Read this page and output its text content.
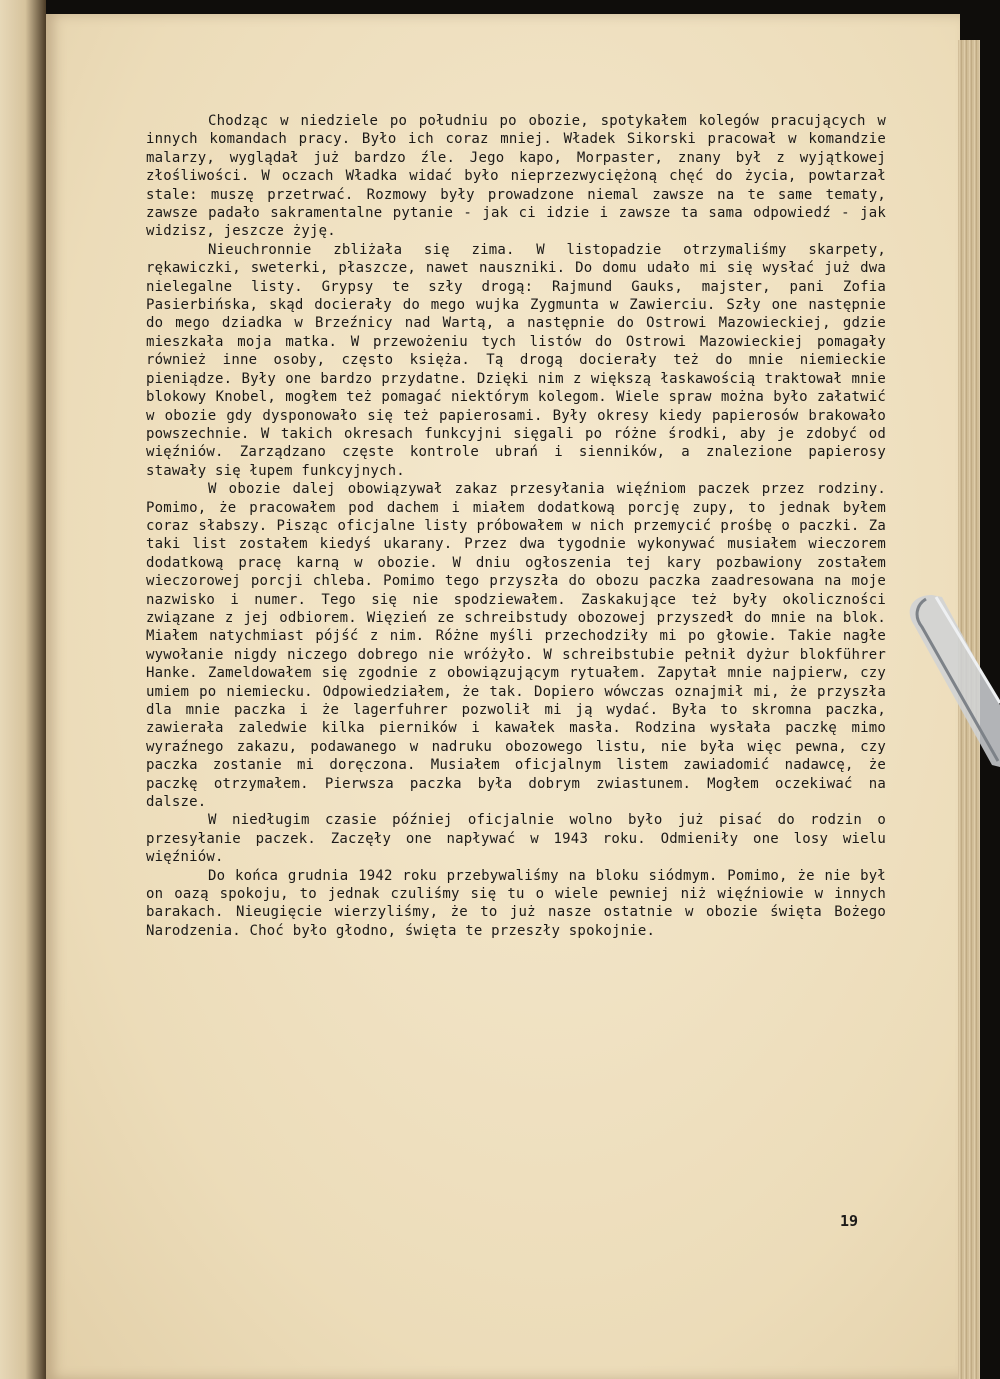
Chodząc w niedziele po południu po obozie, spotykałem kolegów pracujących w innych komandach pracy. Było ich coraz mniej. Władek Sikorski pracował w komandzie malarzy, wyglądał już bardzo źle. Jego kapo, Morpaster, znany był z wyjątkowej złośliwości. W oczach Władka widać było nieprzezwyciężoną chęć do życia, powtarzał stale: muszę przetrwać. Rozmowy były prowadzone niemal zawsze na te same tematy, zawsze padało sakramentalne pytanie - jak ci idzie i zawsze ta sama odpowiedź - jak widzisz, jeszcze żyję.

Nieuchronnie zbliżała się zima. W listopadzie otrzymaliśmy skarpety, rękawiczki, sweterki, płaszcze, nawet nauszniki. Do domu udało mi się wysłać już dwa nielegalne listy. Grypsy te szły drogą: Rajmund Gauks, majster, pani Zofia Pasierbińska, skąd docierały do mego wujka Zygmunta w Zawierciu. Szły one następnie do mego dziadka w Brzeźnicy nad Wartą, a następnie do Ostrowi Mazowieckiej, gdzie mieszkała moja matka. W przewożeniu tych listów do Ostrowi Mazowieckiej pomagały również inne osoby, często księża. Tą drogą docierały też do mnie niemieckie pieniądze. Były one bardzo przydatne. Dzięki nim z większą łaskawością traktował mnie blokowy Knobel, mogłem też pomagać niektórym kolegom. Wiele spraw można było załatwić w obozie gdy dysponowało się też papierosami. Były okresy kiedy papierosów brakowało powszechnie. W takich okresach funkcyjni sięgali po różne środki, aby je zdobyć od więźniów. Zarządzano częste kontrole ubrań i sienników, a znalezione papierosy stawały się łupem funkcyjnych.

W obozie dalej obowiązywał zakaz przesyłania więźniom paczek przez rodziny. Pomimo, że pracowałem pod dachem i miałem dodatkową porcję zupy, to jednak byłem coraz słabszy. Pisząc oficjalne listy próbowałem w nich przemycić prośbę o paczki. Za taki list zostałem kiedyś ukarany. Przez dwa tygodnie wykonywać musiałem wieczorem dodatkową pracę karną w obozie. W dniu ogłoszenia tej kary pozbawiony zostałem wieczorowej porcji chleba. Pomimo tego przyszła do obozu paczka zaadresowana na moje nazwisko i numer. Tego się nie spodziewałem. Zaskakujące też były okoliczności związane z jej odbiorem. Więzień ze schreibstudy obozowej przyszedł do mnie na blok. Miałem natychmiast pójść z nim. Różne myśli przechodziły mi po głowie. Takie nagłe wywołanie nigdy niczego dobrego nie wróżyło. W schreibstubie pełnił dyżur blokführer Hanke. Zameldowałem się zgodnie z obowiązującym rytuałem. Zapytał mnie najpierw, czy umiem po niemiecku. Odpowiedziałem, że tak. Dopiero wówczas oznajmił mi, że przyszła dla mnie paczka i że lagerfuhrer pozwolił mi ją wydać. Była to skromna paczka, zawierała zaledwie kilka pierników i kawałek masła. Rodzina wysłała paczkę mimo wyraźnego zakazu, podawanego w nadruku obozowego listu, nie była więc pewna, czy paczka zostanie mi doręczona. Musiałem oficjalnym listem zawiadomić nadawcę, że paczkę otrzymałem. Pierwsza paczka była dobrym zwiastunem. Mogłem oczekiwać na dalsze.

W niedługim czasie później oficjalnie wolno było już pisać do rodzin o przesyłanie paczek. Zaczęły one napływać w 1943 roku. Odmieniły one losy wielu więźniów.

Do końca grudnia 1942 roku przebywaliśmy na bloku siódmym. Pomimo, że nie był on oazą spokoju, to jednak czuliśmy się tu o wiele pewniej niż więźniowie w innych barakach. Nieugięcie wierzyliśmy, że to już nasze ostatnie w obozie święta Bożego Narodzenia. Choć było głodno, święta te przeszły spokojnie.

19
